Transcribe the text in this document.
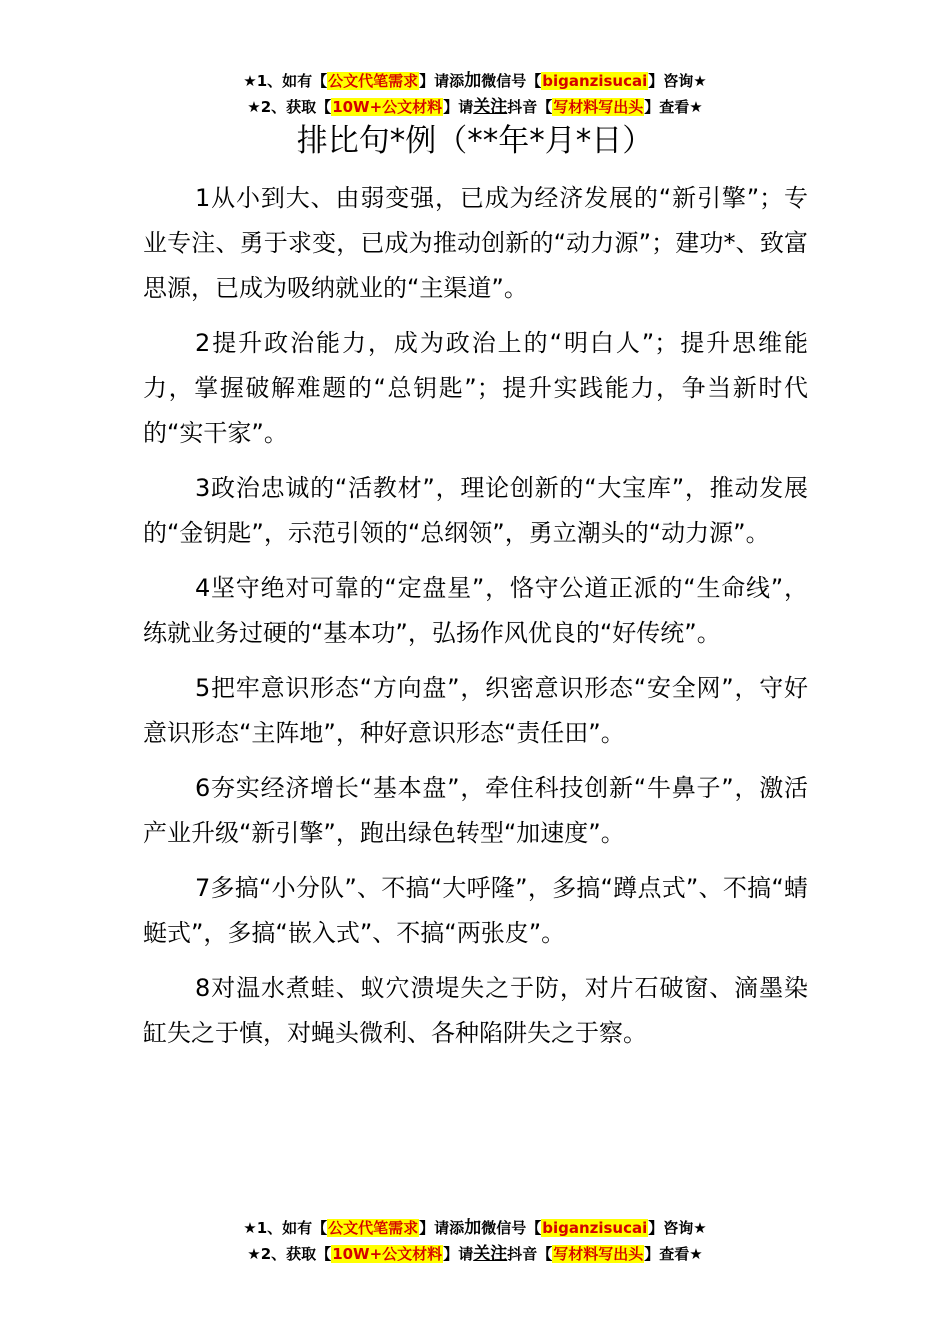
★1、如有【公文代笔需求】请添加微信号【biganzisucai】咨询★
★2、获取【10W+公文材料】请关注抖音【写材料写出头】查看★
排比句*例（**年*月*日）

1从小到大、由弱变强，已成为经济发展的“新引擎”；专业专注、勇于求变，已成为推动创新的“动力源”；建功*、致富思源，已成为吸纳就业的“主渠道”。

2提升政治能力，成为政治上的“明白人”；提升思维能力，掌握破解难题的“总钥匙”；提升实践能力，争当新时代的“实干家”。

3政治忠诚的“活教材”，理论创新的“大宝库”，推动发展的“金钥匙”，示范引领的“总纲领”，勇立潮头的“动力源”。

4坚守绝对可靠的“定盘星”，恪守公道正派的“生命线”，练就业务过硬的“基本功”，弘扬作风优良的“好传统”。

5把牢意识形态“方向盘”，织密意识形态“安全网”，守好意识形态“主阵地”，种好意识形态“责任田”。

6夯实经济增长“基本盘”，牵住科技创新“牛鼻子”，激活产业升级“新引擎”，跑出绿色转型“加速度”。

7多搞“小分队”、不搞“大呼隆”，多搞“蹲点式”、不搞“蜻蜓式”，多搞“嵌入式”、不搞“两张皮”。

8对温水煮蛙、蚁穴溃堤失之于防，对片石破窗、滴墨染缸失之于慎，对蝇头微利、各种陷阱失之于察。

★1、如有【公文代笔需求】请添加微信号【biganzisucai】咨询★
★2、获取【10W+公文材料】请关注抖音【写材料写出头】查看★
